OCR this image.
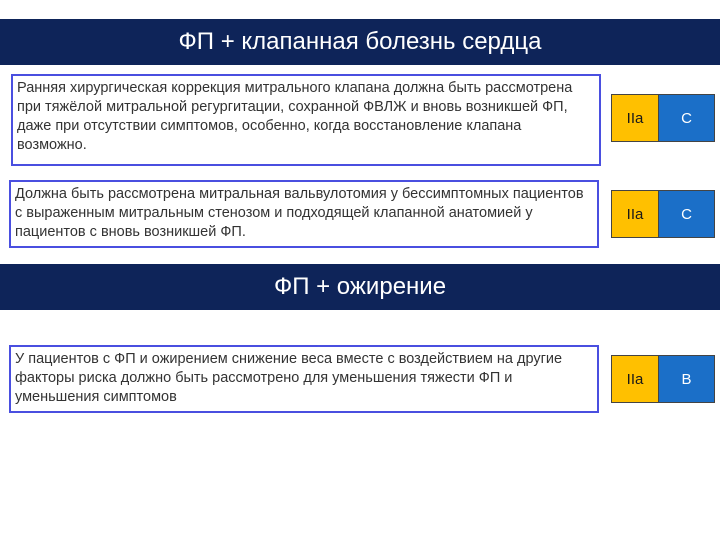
ФП + клапанная болезнь сердца
Ранняя хирургическая коррекция митрального клапана должна быть рассмотрена при тяжёлой митральной регургитации, сохранной ФВЛЖ и вновь возникшей ФП, даже при отсутствии симптомов, особенно, когда восстановление клапана возможно.
IIa	C
Должна быть рассмотрена митральная вальвулотомия у бессимптомных пациентов с выраженным митральным стенозом и подходящей клапанной анатомией у пациентов с вновь возникшей ФП.
IIa	C
ФП + ожирение
У пациентов с ФП и ожирением снижение веса вместе с воздействием на другие факторы риска должно быть рассмотрено для уменьшения тяжести ФП и уменьшения симптомов
IIa	B
